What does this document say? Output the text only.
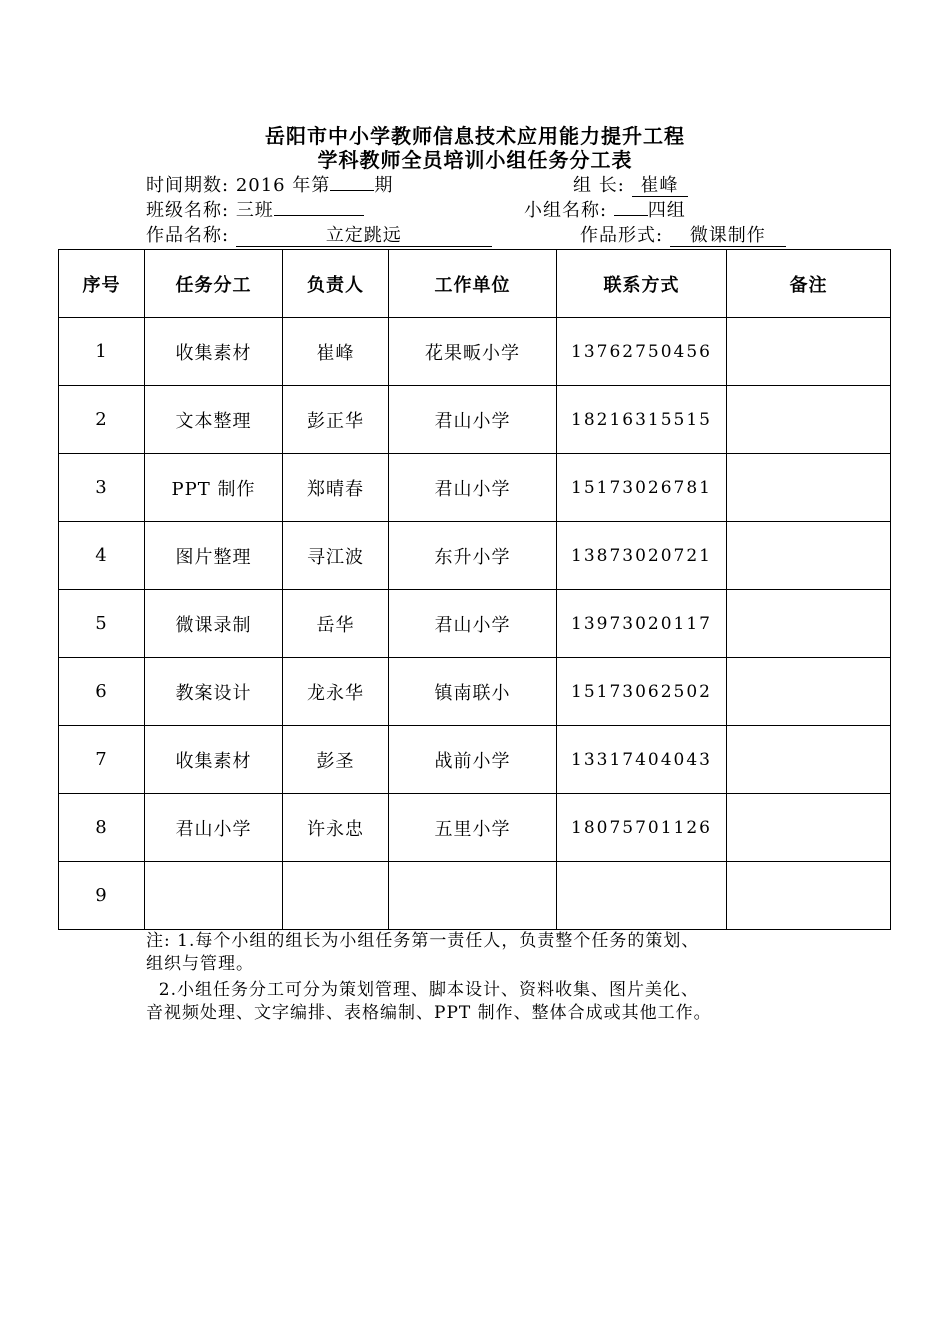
岳阳市中小学教师信息技术应用能力提升工程
学科教师全员培训小组任务分工表
时间期数: 2016 年第 期	组 长: 崔峰
班级名称: 三班	小组名称: 四组
作品名称:	立定跳远	作品形式: 微课制作
序号	任务分工	负责人	工作单位	联系方式	备注
1	收集素材	崔峰	花果畈小学	13762750456	
2	文本整理	彭正华	君山小学	18216315515	
3	PPT 制作	郑晴春	君山小学	15173026781	
4	图片整理	寻江波	东升小学	13873020721	
5	微课录制	岳华	君山小学	13973020117	
6	教案设计	龙永华	镇南联小	15173062502	
7	收集素材	彭圣	战前小学	13317404043	
8	君山小学	许永忠	五里小学	18075701126	
9					
注: 1.每个小组的组长为小组任务第一责任人，负责整个任务的策划、
组织与管理。
2.小组任务分工可分为策划管理、脚本设计、资料收集、图片美化、
音视频处理、文字编排、表格编制、PPT 制作、整体合成或其他工作。
